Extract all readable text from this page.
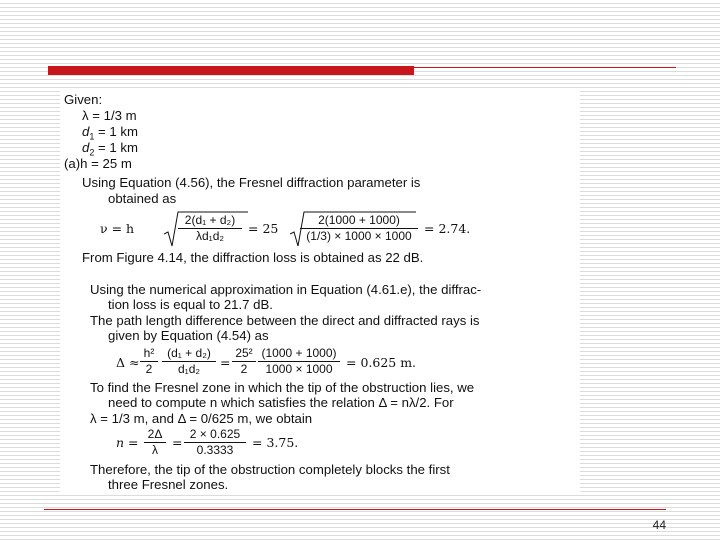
Given:
λ = 1/3 m
$d_1 = 1$ km
$d_2 = 1$ km
(a)h = 25 m
Using Equation (4.56), the Fresnel diffraction parameter is
obtained as
ν = h	$\frac{\text{2(d₁ + d₂)}}{\text{λd₁d₂}} = 25 \frac{2(1000 + 1000)}{(1/3) \times 1000 \times 1000} = 2.74$.
From Figure 4.14, the diffraction loss is obtained as 22 dB.
Using the numerical approximation in Equation (4.61.e), the diffrac-
tion loss is equal to 21.7 dB.
The path length difference between the direct and diffracted rays is
given by Equation (4.54) as
$\Delta \approx \frac{\text{h²}}{2} \frac{\text{(d₁ + d₂)}}{\text{d₁d₂}} = \frac{\text{25²}}{2} \frac{(1000 + 1000)}{1000 \times 1000} = 0.625$ m.
To find the Fresnel zone in which the tip of the obstruction lies, we
need to compute n which satisfies the relation Δ = nλ/2. For
λ = 1/3 m, and Δ = 0/625 m, we obtain
$n = \frac{2\Delta}{\lambda} = \frac{2 \times 0.625}{0.3333} = 3.75$.
Therefore, the tip of the obstruction completely blocks the first
three Fresnel zones.
44
